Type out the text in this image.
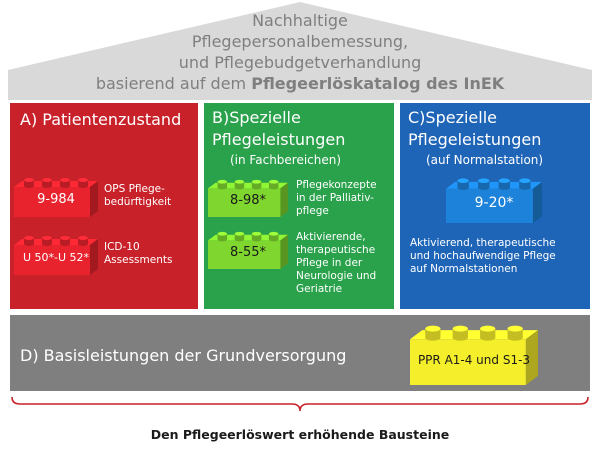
Nachhaltige
Pflegepersonalbemessung,
und Pflegebudgetverhandlung
basierend auf dem Pflegeerlöskatalog des InEK
A) Patientenzustand
9-984
OPS Pflege-
bedürftigkeit
U 50*-U 52*
ICD-10
Assessments
B)Spezielle
Pflegeleistungen
(in Fachbereichen)
8-98*
Pflegekonzepte
in der Palliativ-
pflege
8-55*
Aktivierende,
therapeutische
Pflege in der
Neurologie und
Geriatrie
C)Spezielle
Pflegeleistungen
(auf Normalstation)
9-20*
Aktivierend, therapeutische
und hochaufwendige Pflege
auf Normalstationen
D) Basisleistungen der Grundversorgung	PPR A1-4 und S1-3
Den Pflegeerlöswert erhöhende Bausteine
